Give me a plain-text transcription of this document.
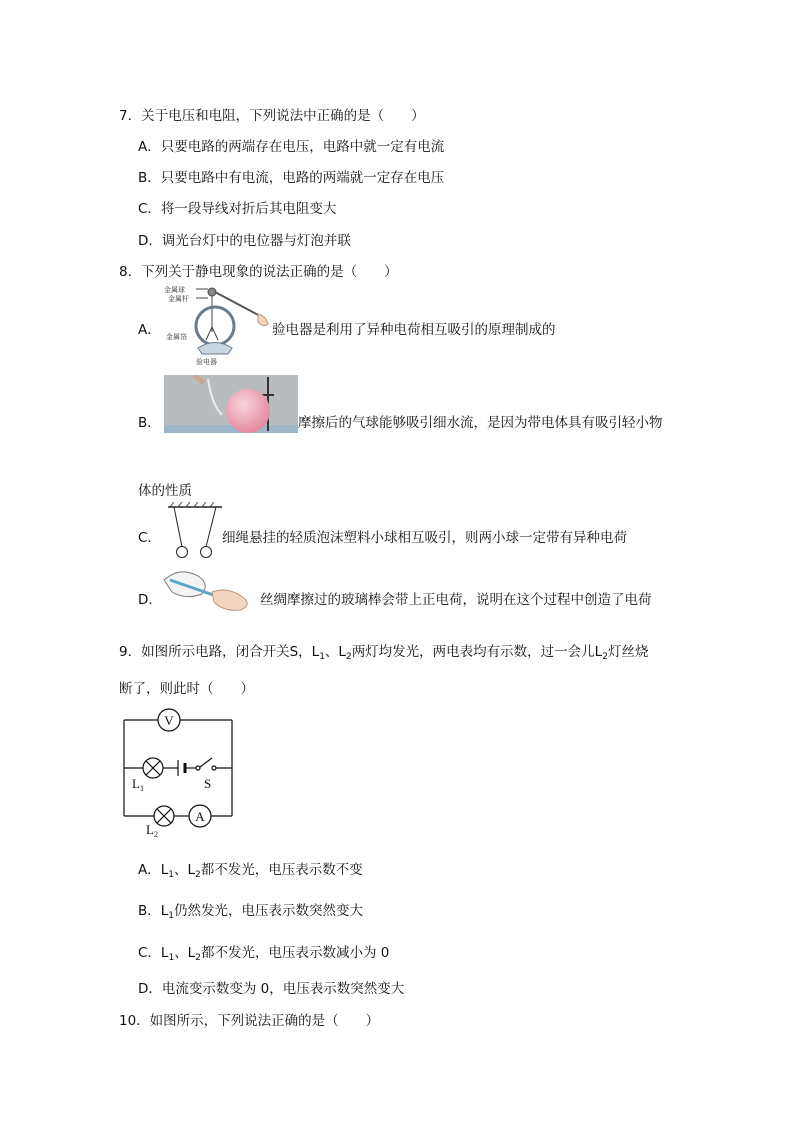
7．关于电压和电阻，下列说法中正确的是（　　）
A．只要电路的两端存在电压，电路中就一定有电流
B．只要电路中有电流，电路的两端就一定存在电压
C．将一段导线对折后其电阻变大
D．调光台灯中的电位器与灯泡并联
8．下列关于静电现象的说法正确的是（　　）
A．
金属球
金属杆
金属箔
验电器
验电器是利用了异种电荷相互吸引的原理制成的
B．	摩擦后的气球能够吸引细水流，是因为带电体具有吸引轻小物
体的性质
C．	细绳悬挂的轻质泡沫塑料小球相互吸引，则两小球一定带有异种电荷
D．	丝绸摩擦过的玻璃棒会带上正电荷，说明在这个过程中创造了电荷
9．如图所示电路，闭合开关S，$L_1$、$L_2$两灯均发光，两电表均有示数，过一会儿$L_2$灯丝烧
断了，则此时（　　）
V
$L_1$	S
$L_2$
A
A．$L_1$、$L_2$都不发光，电压表示数不变
B．$L_1$仍然发光，电压表示数突然变大
C．$L_1$、$L_2$都不发光，电压表示数减小为 0
D．电流变示数变为 0，电压表示数突然变大
10．如图所示，下列说法正确的是（　　）
